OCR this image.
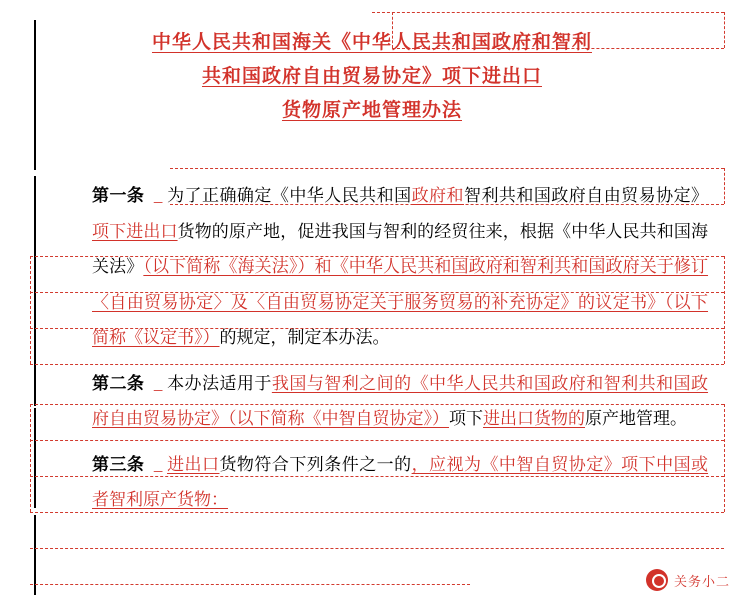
中华人民共和国海关《中华人民共和国政府和智利
共和国政府自由贸易协定》项下进出口
货物原产地管理办法

第一条 _ 为了正确确定《中华人民共和国政府和智利共和国政府自由贸易协定》项下进出口货物的原产地，促进我国与智利的经贸往来，根据《中华人民共和国海关法》（以下简称《海关法》）和《中华人民共和国政府和智利共和国政府关于修订〈自由贸易协定〉及〈自由贸易协定关于服务贸易的补充协定》的议定书》（以下简称《议定书》）的规定，制定本办法。

第二条 _ 本办法适用于我国与智利之间的《中华人民共和国政府和智利共和国政府自由贸易协定》（以下简称《中智自贸协定》）项下进出口货物的原产地管理。

第三条 _ 进出口货物符合下列条件之一的，应视为《中智自贸协定》项下中国或者智利原产货物：

关务小二
